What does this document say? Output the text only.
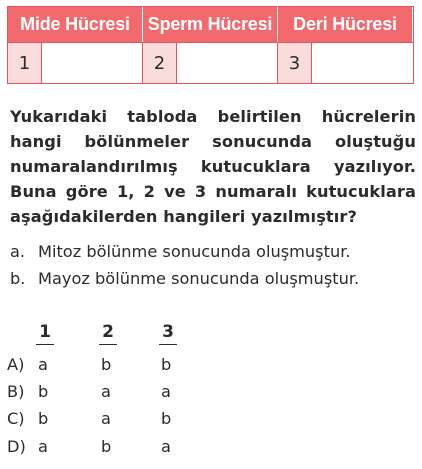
Mide Hücresi Sperm Hücresi	Deri Hücresi
1	2	3

Yukarıdaki tabloda belirtilen hücrelerin hangi bölünmeler sonucunda oluştuğu numaralandırılmış kutucuklara yazılıyor. Buna göre 1, 2 ve 3 numaralı kutucuklara aşağıdakilerden hangileri yazılmıştır?

a. Mitoz bölünme sonucunda oluşmuştur.
b. Mayoz bölünme sonucunda oluşmuştur.
1	2	3
A) a	b	b
B) b	a	a
C) b	a	b
D) a	b	a
